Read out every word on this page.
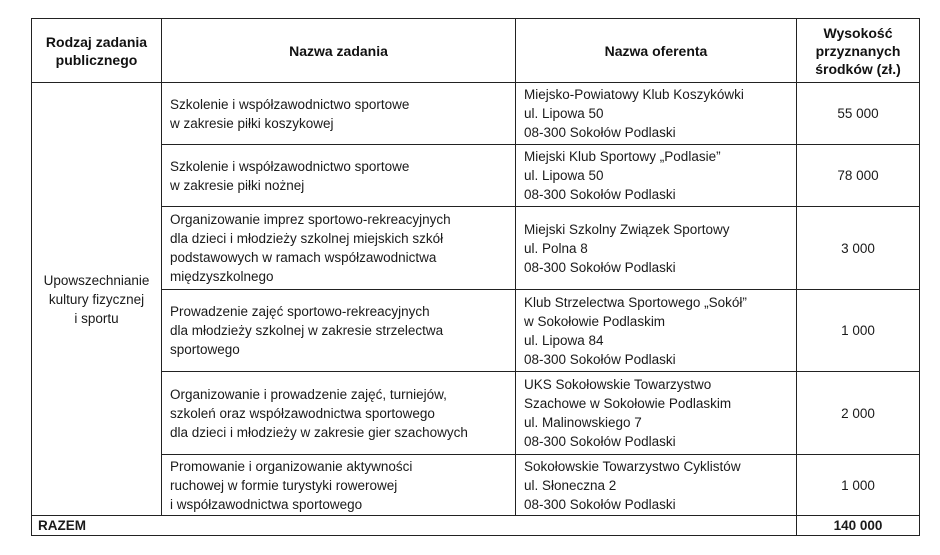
Rodzaj zadania
publicznego	Nazwa zadania	Nazwa oferenta	Wysokość
przyznanych
środków (zł.)

Upowszechnianie
kultury fizycznej
i sportu	Szkolenie i współzawodnictwo sportowe
w zakresie piłki koszykowej	Miejsko-Powiatowy Klub Koszykówki
ul. Lipowa 50
08-300 Sokołów Podlaski	55 000

	Szkolenie i współzawodnictwo sportowe
w zakresie piłki nożnej	Miejski Klub Sportowy „Podlasie”
ul. Lipowa 50
08-300 Sokołów Podlaski	78 000

	Organizowanie imprez sportowo-rekreacyjnych
dla dzieci i młodzieży szkolnej miejskich szkół
podstawowych w ramach współzawodnictwa
międzyszkolnego	Miejski Szkolny Związek Sportowy
ul. Polna 8
08-300 Sokołów Podlaski	3 000

	Prowadzenie zajęć sportowo-rekreacyjnych
dla młodzieży szkolnej w zakresie strzelectwa
sportowego	Klub Strzelectwa Sportowego „Sokół”
w Sokołowie Podlaskim
ul. Lipowa 84
08-300 Sokołów Podlaski	1 000

	Organizowanie i prowadzenie zajęć, turniejów,
szkoleń oraz współzawodnictwa sportowego
dla dzieci i młodzieży w zakresie gier szachowych	UKS Sokołowskie Towarzystwo
Szachowe w Sokołowie Podlaskim
ul. Malinowskiego 7
08-300 Sokołów Podlaski	2 000

	Promowanie i organizowanie aktywności
ruchowej w formie turystyki rowerowej
i współzawodnictwa sportowego	Sokołowskie Towarzystwo Cyklistów
ul. Słoneczna 2
08-300 Sokołów Podlaski	1 000

RAZEM			140 000
